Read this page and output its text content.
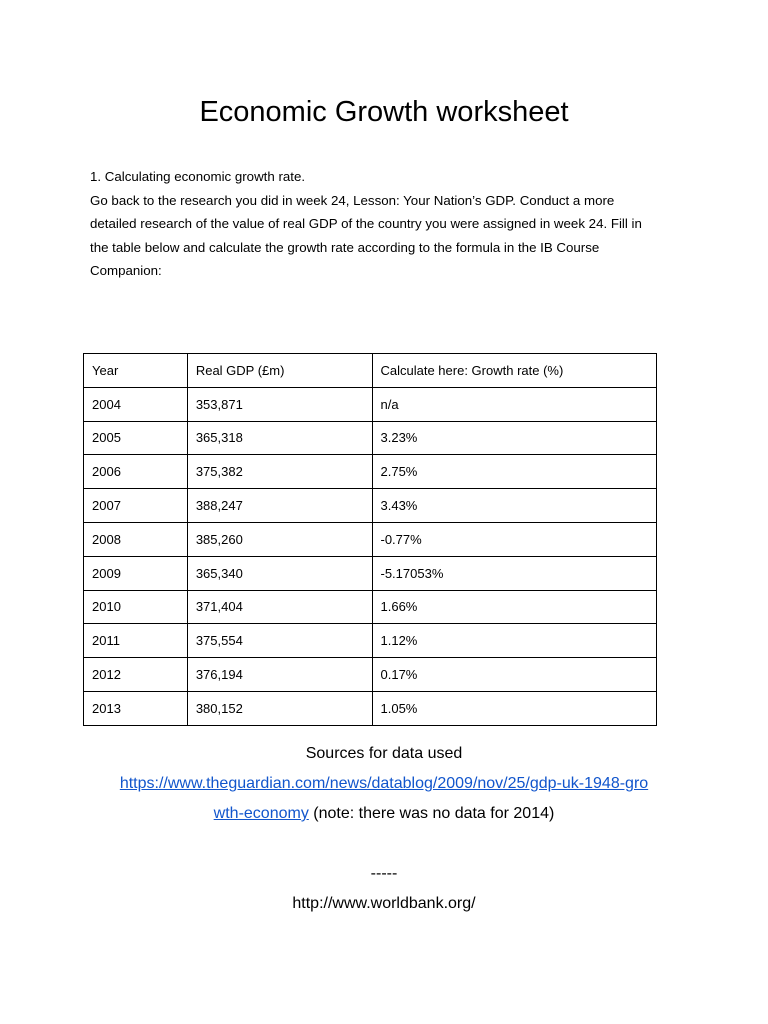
Economic Growth worksheet

1. Calculating economic growth rate.

Go back to the research you did in week 24, Lesson: Your Nation’s GDP. Conduct a more

detailed research of the value of real GDP of the country you were assigned in week 24. Fill in

the table below and calculate the growth rate according to the formula in the IB Course

Companion:

Year	Real GDP (£m)	Calculate here: Growth rate (%)
2004	353,871	n/a
2005	365,318	3.23%
2006	375,382	2.75%
2007	388,247	3.43%
2008	385,260	-0.77%
2009	365,340	-5.17053%
2010	371,404	1.66%
2011	375,554	1.12%
2012	376,194	0.17%
2013	380,152	1.05%
Sources for data used
https://www.theguardian.com/news/datablog/2009/nov/25/gdp-uk-1948-gro
wth-economy (note: there was no data for 2014)
-----
http://www.worldbank.org/
